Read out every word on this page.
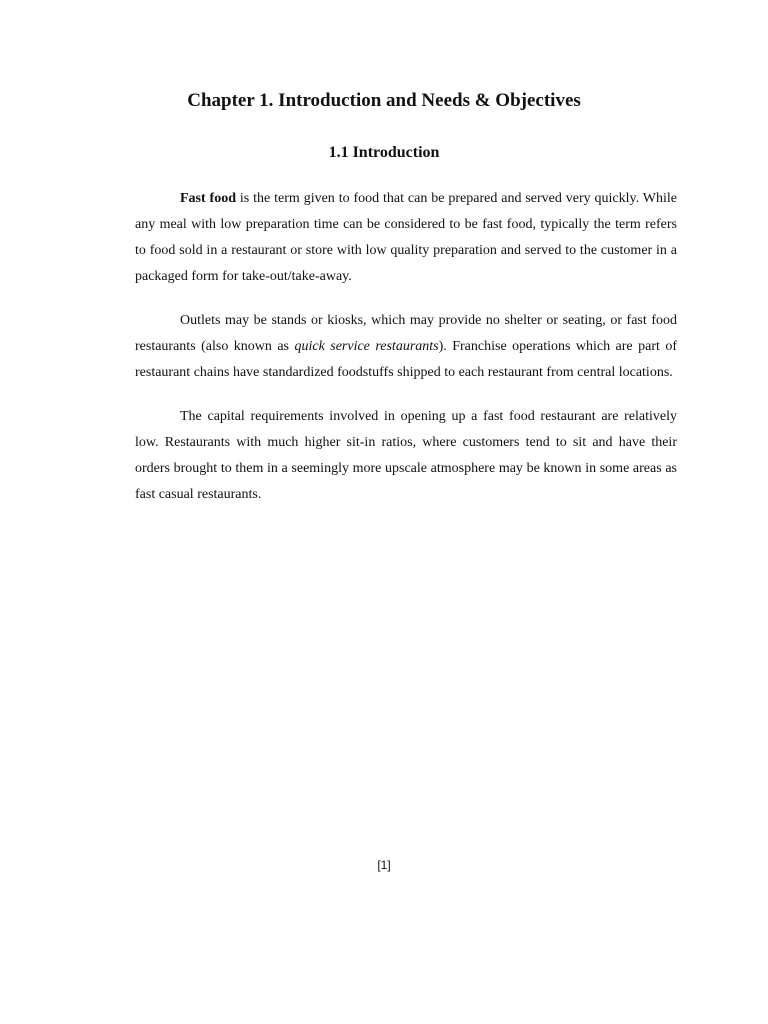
Chapter 1. Introduction and Needs & Objectives
1.1 Introduction

Fast food is the term given to food that can be prepared and served very quickly. While any meal with low preparation time can be considered to be fast food, typically the term refers to food sold in a restaurant or store with low quality preparation and served to the customer in a packaged form for take-out/take-away.

Outlets may be stands or kiosks, which may provide no shelter or seating, or fast food restaurants (also known as quick service restaurants). Franchise operations which are part of restaurant chains have standardized foodstuffs shipped to each restaurant from central locations.

The capital requirements involved in opening up a fast food restaurant are relatively low. Restaurants with much higher sit-in ratios, where customers tend to sit and have their orders brought to them in a seemingly more upscale atmosphere may be known in some areas as fast casual restaurants.

[1]
